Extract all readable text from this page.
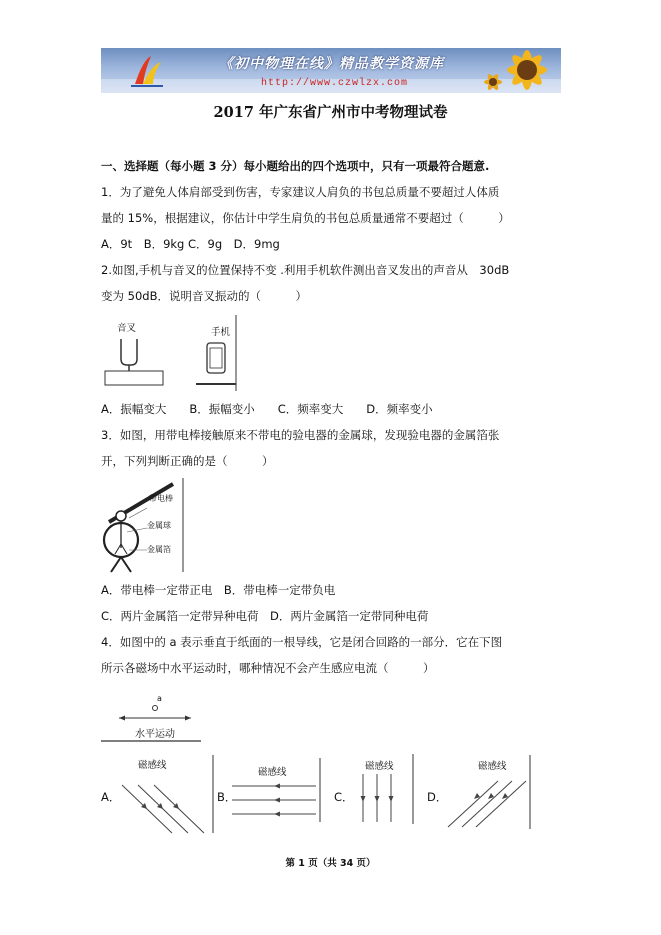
《初中物理在线》精品教学资源库
http://www.czwlzx.com
2017 年广东省广州市中考物理试卷
一、选择题（每小题 3 分）每小题给出的四个选项中，只有一项最符合题意.
1．为了避免人体肩部受到伤害，专家建议人肩负的书包总质量不要超过人体质
量的 15%，根据建议，你估计中学生肩负的书包总质量通常不要超过（　　　）
A．9t　B．9kg C．9g　D．9mg
2.如图,手机与音叉的位置保持不变 .利用手机软件测出音叉发出的声音从　30dB
变为 50dB．说明音叉振动的（　　　）
音叉	手机
A．振幅变大　　B．振幅变小　　C．频率变大　　D．频率变小
3．如图，用带电棒接触原来不带电的验电器的金属球，发现验电器的金属箔张
开，下列判断正确的是（　　　）
带电棒
金属球
金属箔
A．带电棒一定带正电　B．带电棒一定带负电
C．两片金属箔一定带异种电荷　D．两片金属箔一定带同种电荷
4．如图中的 a 表示垂直于纸面的一根导线，它是闭合回路的一部分．它在下图
所示各磁场中水平运动时，哪种情况不会产生感应电流（　　　）
a
水平运动
A．
磁感线
B．
磁感线
C．
磁感线
D．
磁感线
第 1 页（共 34 页）
